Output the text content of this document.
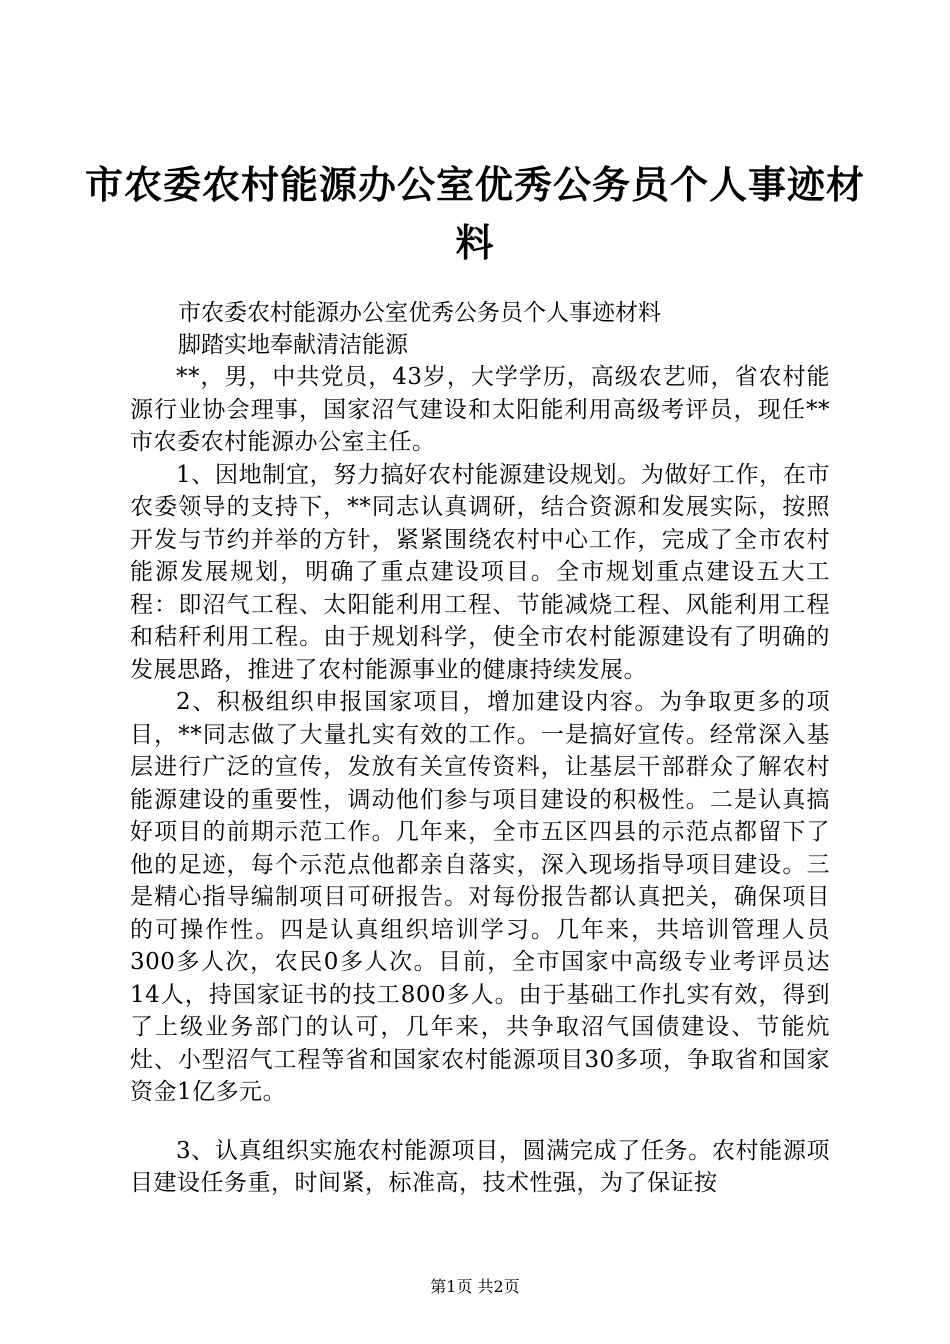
市农委农村能源办公室优秀公务员个人事迹材
料
市农委农村能源办公室优秀公务员个人事迹材料
脚踏实地奉献清洁能源

**，男，中共党员，43岁，大学学历，高级农艺师，省农村能源行业协会理事，国家沼气建设和太阳能利用高级考评员，现任**市农委农村能源办公室主任。

1、因地制宜，努力搞好农村能源建设规划。为做好工作，在市农委领导的支持下，**同志认真调研，结合资源和发展实际，按照开发与节约并举的方针，紧紧围绕农村中心工作，完成了全市农村能源发展规划，明确了重点建设项目。全市规划重点建设五大工程：即沼气工程、太阳能利用工程、节能减烧工程、风能利用工程和秸秆利用工程。由于规划科学，使全市农村能源建设有了明确的发展思路，推进了农村能源事业的健康持续发展。

2、积极组织申报国家项目，增加建设内容。为争取更多的项目，**同志做了大量扎实有效的工作。一是搞好宣传。经常深入基层进行广泛的宣传，发放有关宣传资料，让基层干部群众了解农村能源建设的重要性，调动他们参与项目建设的积极性。二是认真搞好项目的前期示范工作。几年来，全市五区四县的示范点都留下了他的足迹，每个示范点他都亲自落实，深入现场指导项目建设。三是精心指导编制项目可研报告。对每份报告都认真把关，确保项目的可操作性。四是认真组织培训学习。几年来，共培训管理人员300多人次，农民0多人次。目前，全市国家中高级专业考评员达14人，持国家证书的技工800多人。由于基础工作扎实有效，得到了上级业务部门的认可，几年来，共争取沼气国债建设、节能炕灶、小型沼气工程等省和国家农村能源项目30多项，争取省和国家资金1亿多元。

3、认真组织实施农村能源项目，圆满完成了任务。农村能源项目建设任务重，时间紧，标准高，技术性强，为了保证按

第1页 共2页
